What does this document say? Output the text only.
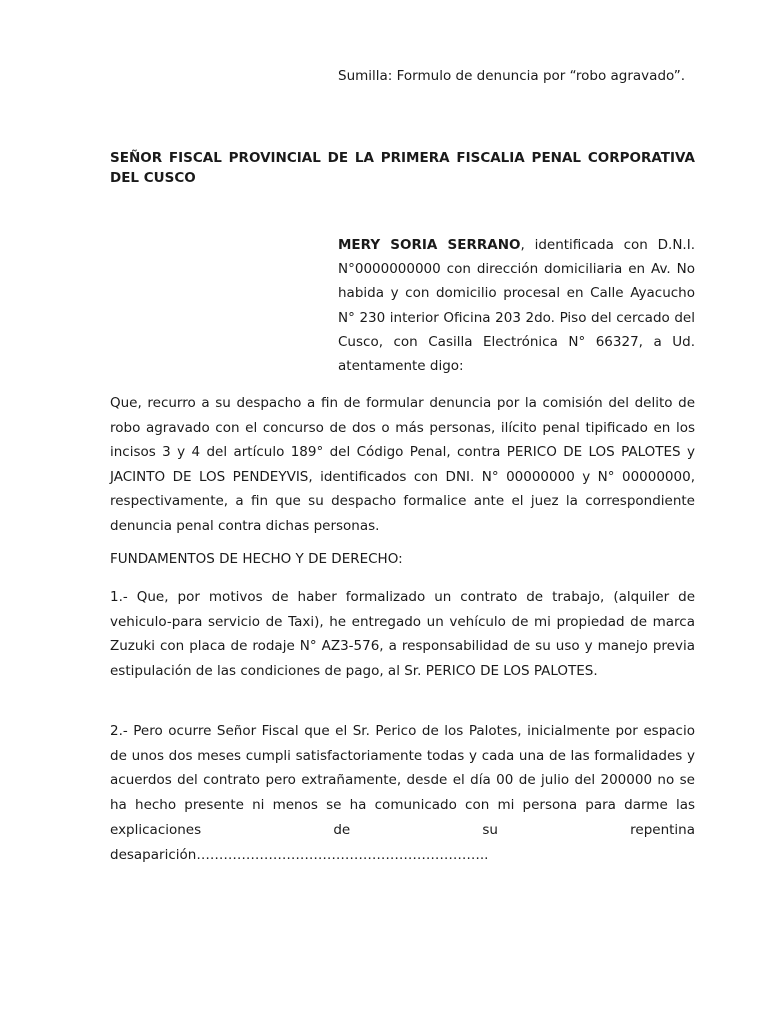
Sumilla: Formulo de denuncia por “robo agravado”.

SEÑOR FISCAL PROVINCIAL DE LA PRIMERA FISCALIA PENAL CORPORATIVA DEL CUSCO

MERY SORIA SERRANO, identificada con D.N.I. N°0000000000 con dirección domiciliaria en Av. No habida y con domicilio procesal en Calle Ayacucho N° 230 interior Oficina 203 2do. Piso del cercado del Cusco, con Casilla Electrónica N° 66327, a Ud. atentamente digo:

Que, recurro a su despacho a fin de formular denuncia por la comisión del delito de robo agravado con el concurso de dos o más personas, ilícito penal tipificado en los incisos 3 y 4 del artículo 189° del Código Penal, contra PERICO DE LOS PALOTES y JACINTO DE LOS PENDEYVIS, identificados con DNI. N° 00000000 y N° 00000000, respectivamente, a fin que su despacho formalice ante el juez la correspondiente denuncia penal contra dichas personas.

FUNDAMENTOS DE HECHO Y DE DERECHO:

1.- Que, por motivos de haber formalizado un contrato de trabajo, (alquiler de vehiculo-para servicio de Taxi), he entregado un vehículo de mi propiedad de marca Zuzuki con placa de rodaje N° AZ3-576, a responsabilidad de su uso y manejo previa estipulación de las condiciones de pago, al Sr. PERICO DE LOS PALOTES.

2.- Pero ocurre Señor Fiscal que el Sr. Perico de los Palotes, inicialmente por espacio de unos dos meses cumpli satisfactoriamente todas y cada una de las formalidades y acuerdos del contrato pero extrañamente, desde el día 00 de julio del 200000 no se ha hecho presente ni menos se ha comunicado con mi persona para darme las explicaciones de su repentina

desaparición………………………………………………………..
